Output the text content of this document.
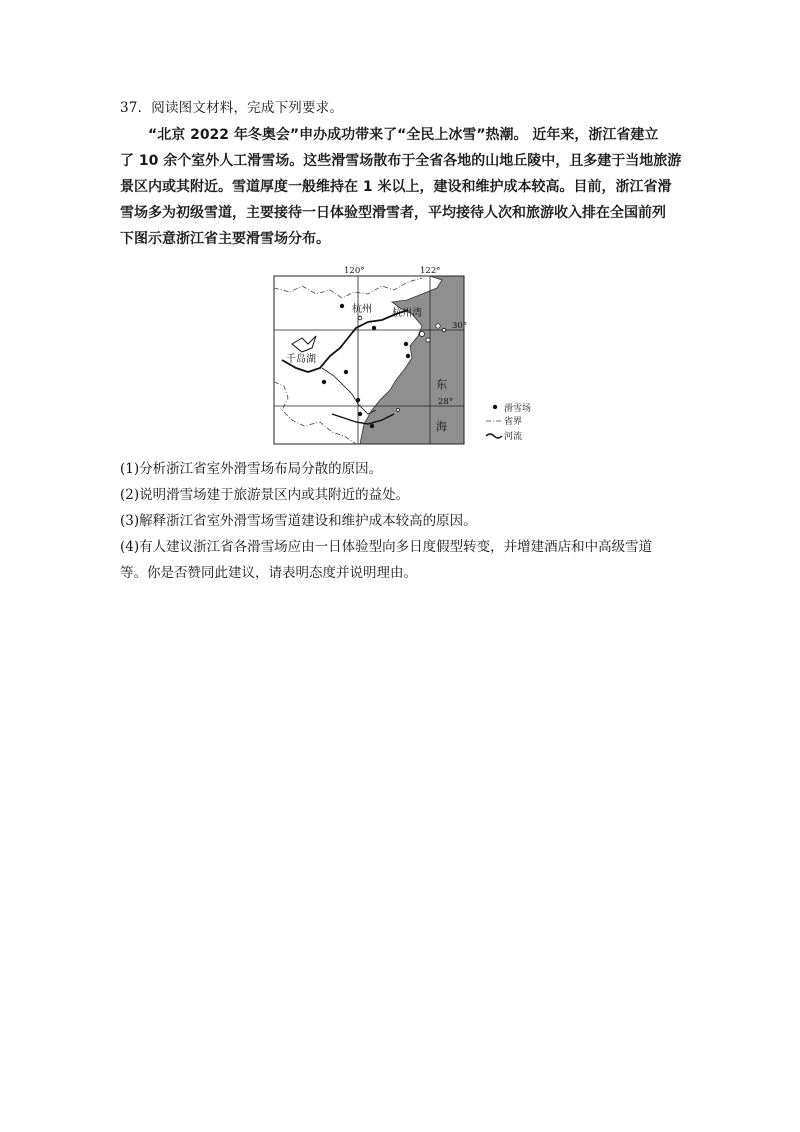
37．阅读图文材料，完成下列要求。
“北京 2022 年冬奥会”申办成功带来了“全民上冰雪”热潮。 近年来，浙江省建立
了 10 余个室外人工滑雪场。这些滑雪场散布于全省各地的山地丘陵中，且多建于当地旅游
景区内或其附近。雪道厚度一般维持在 1 米以上，建设和维护成本较高。目前，浙江省滑
雪场多为初级雪道，主要接待一日体验型滑雪者，平均接待人次和旅游收入排在全国前列
下图示意浙江省主要滑雪场分布。
120°	122°
30°
28°
杭州 杭州湾
千岛湖
东
海
滑雪场
省界
河流
(1)分析浙江省室外滑雪场布局分散的原因。
(2)说明滑雪场建于旅游景区内或其附近的益处。
(3)解释浙江省室外滑雪场雪道建设和维护成本较高的原因。
(4)有人建议浙江省各滑雪场应由一日体验型向多日度假型转变，并增建酒店和中高级雪道
等。你是否赞同此建议，请表明态度并说明理由。
